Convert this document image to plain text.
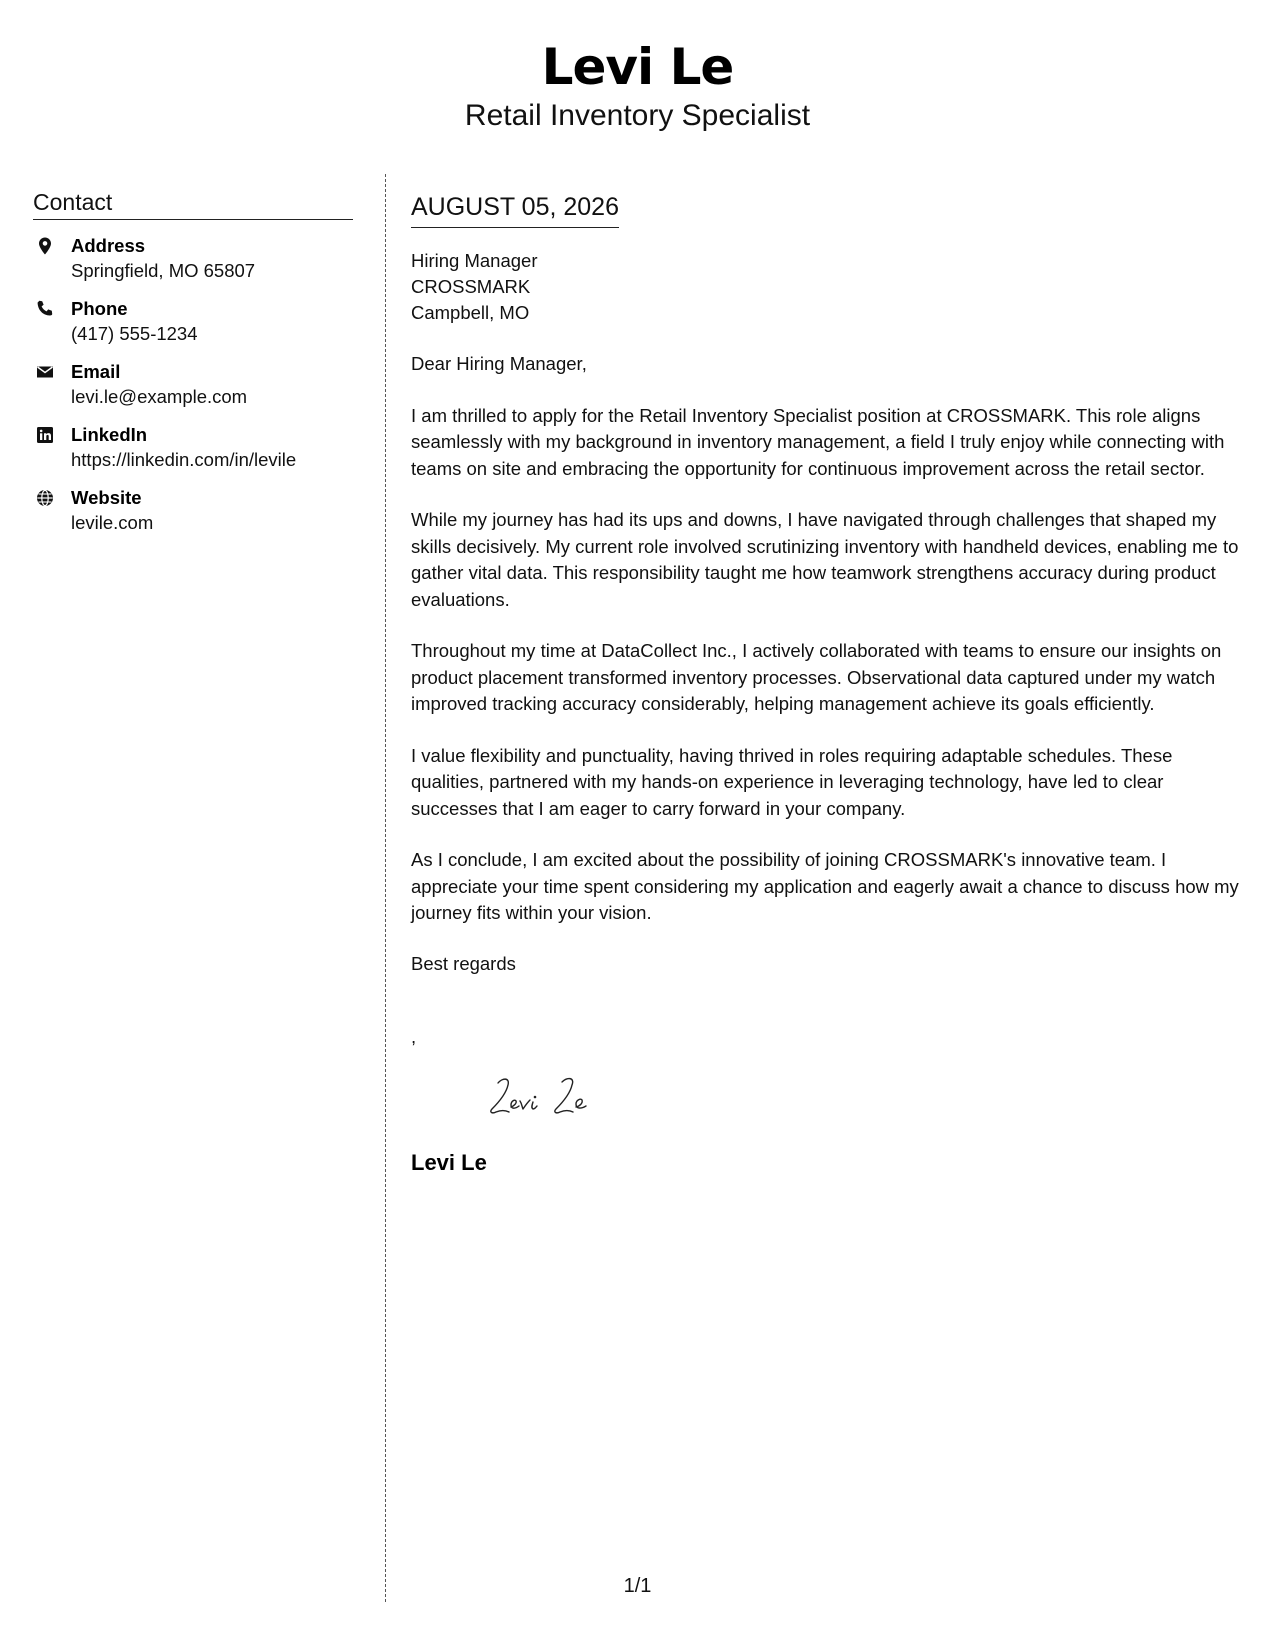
Levi Le
Retail Inventory Specialist
Contact
Address
Springfield, MO 65807
Phone
(417) 555-1234
Email
levi.le@example.com
LinkedIn
https://linkedin.com/in/levile
Website
levile.com
AUGUST 05, 2026
Hiring Manager
CROSSMARK
Campbell, MO
Dear Hiring Manager,
I am thrilled to apply for the Retail Inventory Specialist position at CROSSMARK. This role aligns seamlessly with my background in inventory management, a field I truly enjoy while connecting with teams on site and embracing the opportunity for continuous improvement across the retail sector.
While my journey has had its ups and downs, I have navigated through challenges that shaped my skills decisively. My current role involved scrutinizing inventory with handheld devices, enabling me to gather vital data. This responsibility taught me how teamwork strengthens accuracy during product evaluations.
Throughout my time at DataCollect Inc., I actively collaborated with teams to ensure our insights on product placement transformed inventory processes. Observational data captured under my watch improved tracking accuracy considerably, helping management achieve its goals efficiently.
I value flexibility and punctuality, having thrived in roles requiring adaptable schedules. These qualities, partnered with my hands-on experience in leveraging technology, have led to clear successes that I am eager to carry forward in your company.
As I conclude, I am excited about the possibility of joining CROSSMARK's innovative team. I appreciate your time spent considering my application and eagerly await a chance to discuss how my journey fits within your vision.
Best regards
,
Levi Le
1/1
